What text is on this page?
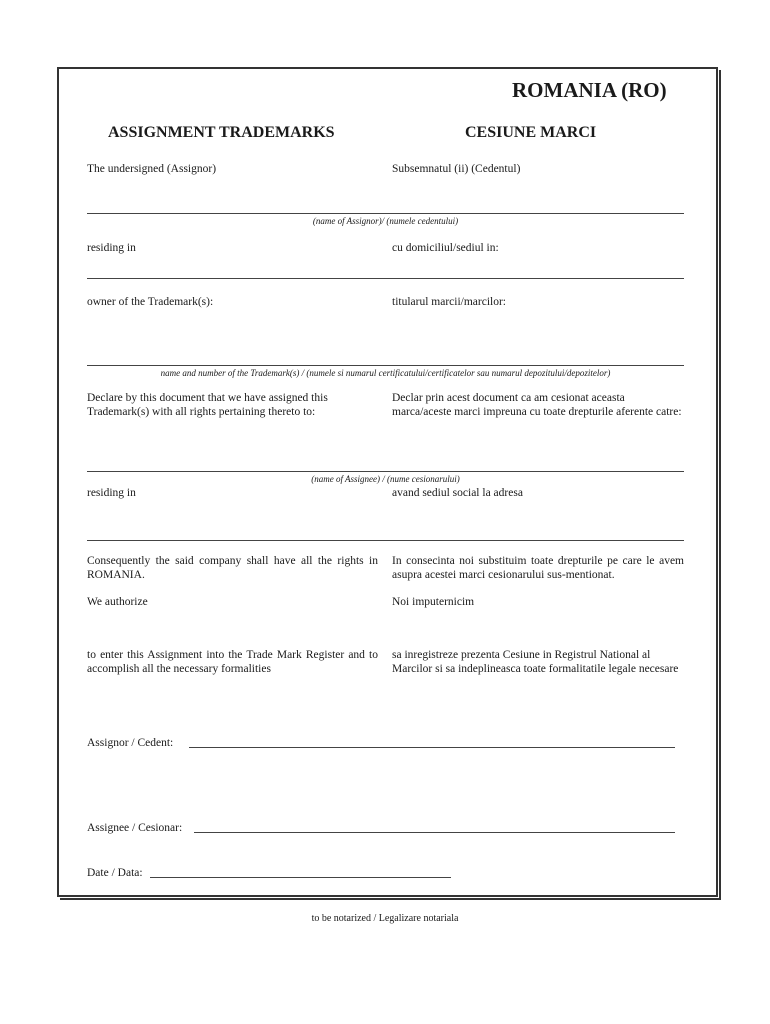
ROMANIA (RO)
ASSIGNMENT TRADEMARKS	CESIUNE MARCI
The undersigned (Assignor)	Subsemnatul (ii) (Cedentul)
(name of Assignor)/ (numele cedentului)
residing in	cu domiciliul/sediul in:
owner of the Trademark(s):	titularul marcii/marcilor:
name and number of the Trademark(s) / (numele si numarul certificatului/certificatelor sau numarul depozitului/depozitelor)
Declare by this document that we have assigned this Trademark(s) with all rights pertaining thereto to:
Declar prin acest document ca am cesionat aceasta marca/aceste marci impreuna cu toate drepturile aferente catre:
(name of Assignee) / (nume cesionarului)
residing in	avand sediul social la adresa
Consequently the said company shall have all the rights in ROMANIA.
In consecinta noi substituim toate drepturile pe care le avem asupra acestei marci cesionarului sus-mentionat.
We authorize	Noi imputernicim
to enter this Assignment into the Trade Mark Register and to accomplish all the necessary formalities
sa inregistreze prezenta Cesiune in Registrul National al Marcilor si sa indeplineasca toate formalitatile legale necesare
Assignor / Cedent:
Assignee / Cesionar:
Date / Data:
to be notarized / Legalizare notariala
